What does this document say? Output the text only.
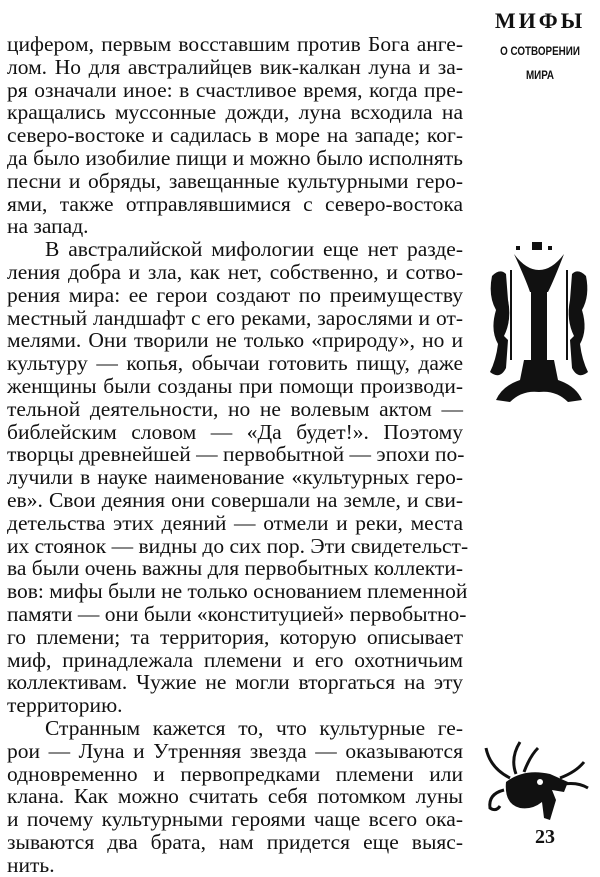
циферoм, первым восставшим против Бога анге-
лом. Но для австралийцев вик-калкан луна и за-
ря означали иное: в счастливое время, когда пре-
кращались муссонные дожди, луна всходила на
северо-востоке и садилась в море на западе; ког-
да было изобилие пищи и можно было исполнять
песни и обряды, завещанные культурными геро-
ями, также отправлявшимися с северо-востока
на запад.
В австралийской мифологии еще нет разде-
ления добра и зла, как нет, собственно, и сотво-
рения мира: ее герои создают по преимуществу
местный ландшафт с его реками, зарослями и от-
мелями. Они творили не только «природу», но и
культуру — копья, обычаи готовить пищу, даже
женщины были созданы при помощи производи-
тельной деятельности, но не волевым актом —
библейским словом — «Да будет!». Поэтому
творцы древнейшей — первобытной — эпохи по-
лучили в науке наименование «культурных геро-
ев». Свои деяния они совершали на земле, и сви-
детельства этих деяний — отмели и реки, места
их стоянок — видны до сих пор. Эти свидетельст-
ва были очень важны для первобытных коллекти-
вов: мифы были не только основанием племенной
памяти — они были «конституцией» первобытно-
го племени; та территория, которую описывает
миф, принадлежала племени и его охотничьим
коллективам. Чужие не могли вторгаться на эту
территорию.
Странным кажется то, что культурные ге-
рои — Луна и Утренняя звезда — оказываются
одновременно и первопредками племени или
клана. Как можно считать себя потомком луны
и почему культурными героями чаще всего ока-
зываются два брата, нам придется еще выяс-
нить.
МИФЫ
О СОТВОРЕНИИ
МИРА
23
